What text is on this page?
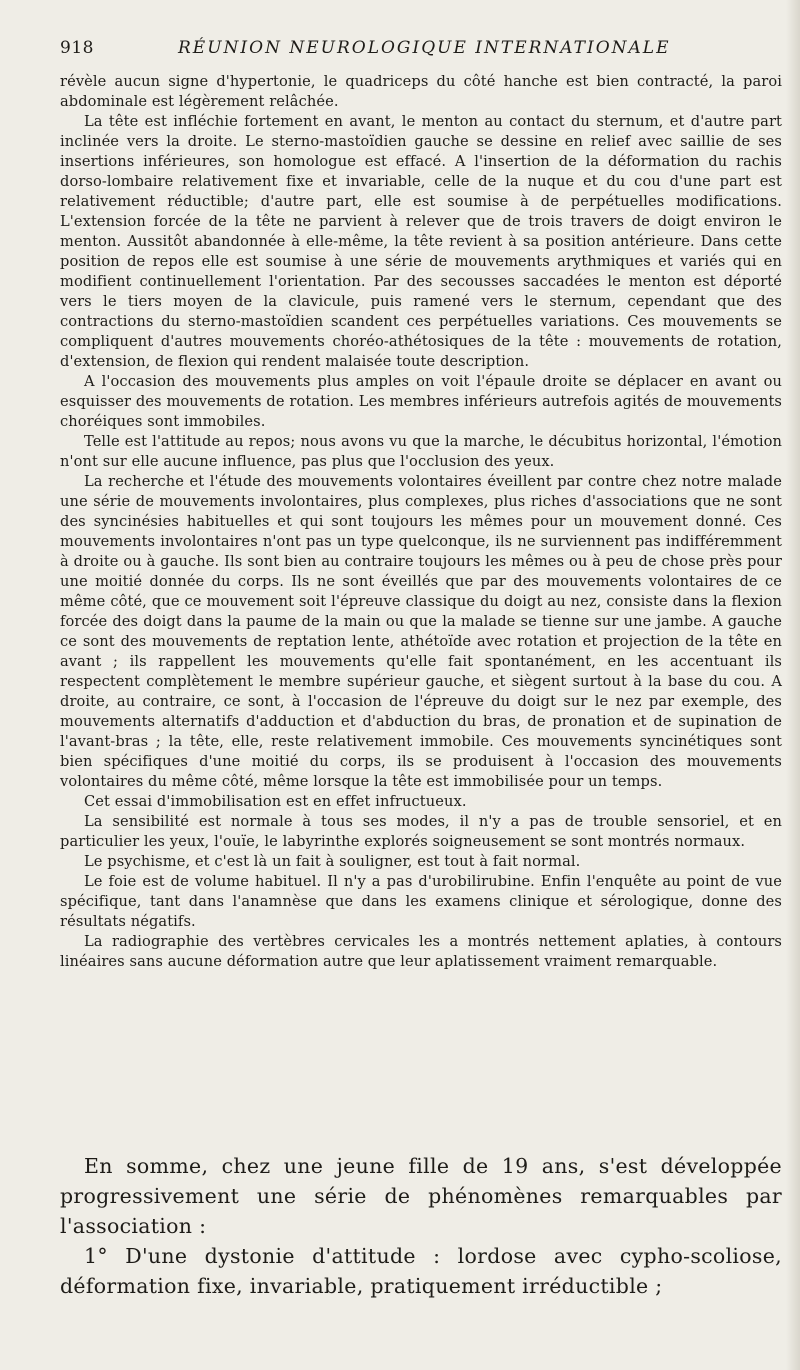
918	RÉUNION NEUROLOGIQUE INTERNATIONALE

révèle aucun signe d'hypertonie, le quadriceps du côté hanche est bien contracté, la paroi abdominale est légèrement relâchée.

La tête est infléchie fortement en avant, le menton au contact du sternum, et d'autre part inclinée vers la droite. Le sterno-mastoïdien gauche se dessine en relief avec saillie de ses insertions inférieures, son homologue est effacé. A l'insertion de la déformation du rachis dorso-lombaire relativement fixe et invariable, celle de la nuque et du cou d'une part est relativement réductible; d'autre part, elle est soumise à de perpétuelles modifications. L'extension forcée de la tête ne parvient à relever que de trois travers de doigt environ le menton. Aussitôt abandonnée à elle-même, la tête revient à sa position antérieure. Dans cette position de repos elle est soumise à une série de mouvements arythmiques et variés qui en modifient continuellement l'orientation. Par des secousses saccadées le menton est déporté vers le tiers moyen de la clavicule, puis ramené vers le sternum, cependant que des contractions du sterno-mastoïdien scandent ces perpétuelles variations. Ces mouvements se compliquent d'autres mouvements choréo-athétosiques de la tête : mouvements de rotation, d'extension, de flexion qui rendent malaisée toute description.

A l'occasion des mouvements plus amples on voit l'épaule droite se déplacer en avant ou esquisser des mouvements de rotation. Les membres inférieurs autrefois agités de mouvements choréiques sont immobiles.

Telle est l'attitude au repos; nous avons vu que la marche, le décubitus horizontal, l'émotion n'ont sur elle aucune influence, pas plus que l'occlusion des yeux.

La recherche et l'étude des mouvements volontaires éveillent par contre chez notre malade une série de mouvements involontaires, plus complexes, plus riches d'associations que ne sont des syncinésies habituelles et qui sont toujours les mêmes pour un mouvement donné. Ces mouvements involontaires n'ont pas un type quelconque, ils ne surviennent pas indifféremment à droite ou à gauche. Ils sont bien au contraire toujours les mêmes ou à peu de chose près pour une moitié donnée du corps. Ils ne sont éveillés que par des mouvements volontaires de ce même côté, que ce mouvement soit l'épreuve classique du doigt au nez, consiste dans la flexion forcée des doigt dans la paume de la main ou que la malade se tienne sur une jambe. A gauche ce sont des mouvements de reptation lente, athétoïde avec rotation et projection de la tête en avant ; ils rappellent les mouvements qu'elle fait spontanément, en les accentuant ils respectent complètement le membre supérieur gauche, et siègent surtout à la base du cou. A droite, au contraire, ce sont, à l'occasion de l'épreuve du doigt sur le nez par exemple, des mouvements alternatifs d'adduction et d'abduction du bras, de pronation et de supination de l'avant-bras ; la tête, elle, reste relativement immobile. Ces mouvements syncinétiques sont bien spécifiques d'une moitié du corps, ils se produisent à l'occasion des mouvements volontaires du même côté, même lorsque la tête est immobilisée pour un temps.

Cet essai d'immobilisation est en effet infructueux.

La sensibilité est normale à tous ses modes, il n'y a pas de trouble sensoriel, et en particulier les yeux, l'ouïe, le labyrinthe explorés soigneusement se sont montrés normaux.

Le psychisme, et c'est là un fait à souligner, est tout à fait normal.

Le foie est de volume habituel. Il n'y a pas d'urobilirubine. Enfin l'enquête au point de vue spécifique, tant dans l'anamnèse que dans les examens clinique et sérologique, donne des résultats négatifs.

La radiographie des vertèbres cervicales les a montrés nettement aplaties, à contours linéaires sans aucune déformation autre que leur aplatissement vraiment remarquable.

En somme, chez une jeune fille de 19 ans, s'est développée progressivement une série de phénomènes remarquables par l'association :

1° D'une dystonie d'attitude : lordose avec cypho-scoliose, déformation fixe, invariable, pratiquement irréductible ;
